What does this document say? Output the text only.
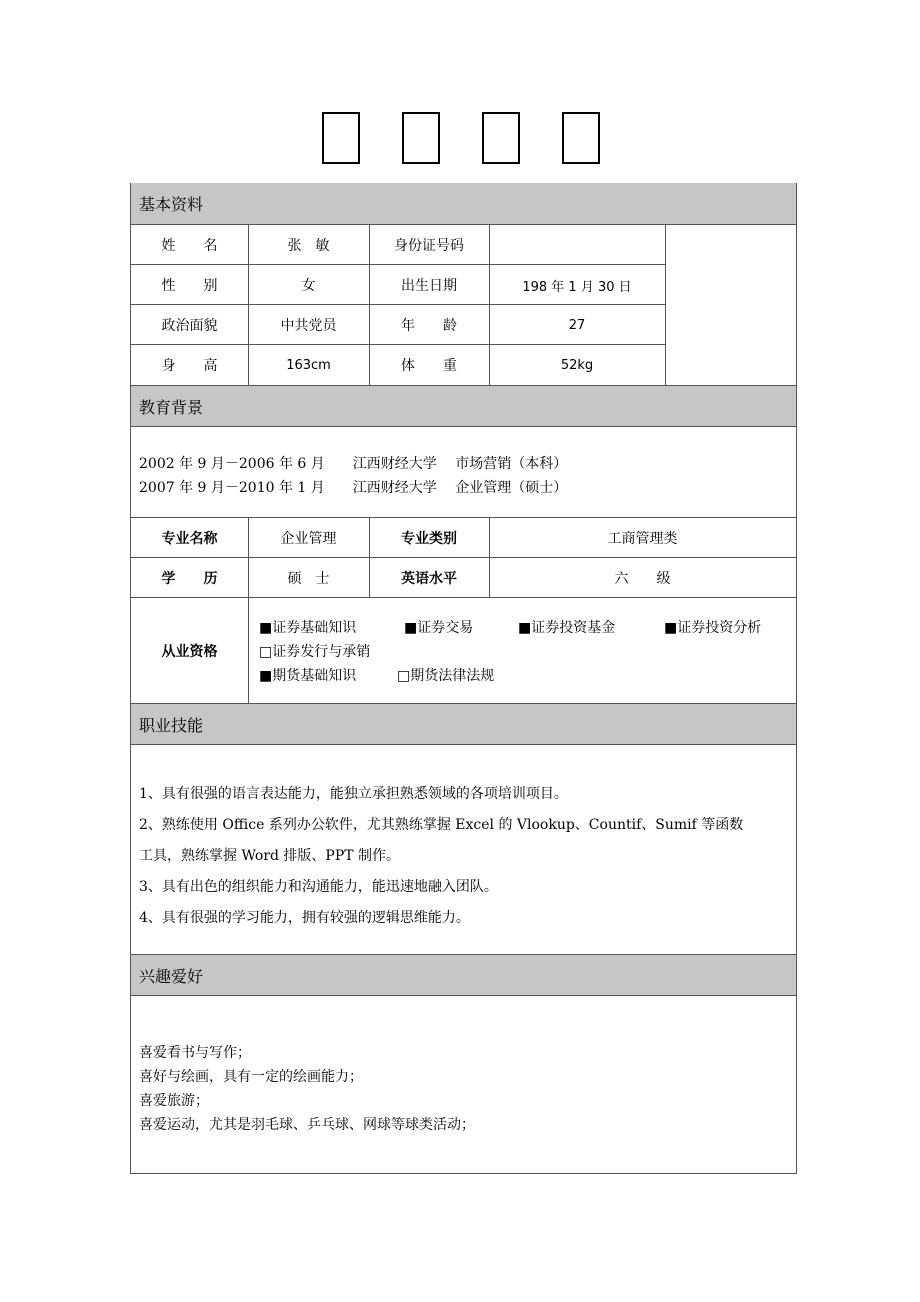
基本资料
姓　　名	张　敏	身份证号码
性　　别	女	出生日期	198 年 1 月 30 日
政治面貌	中共党员	年　　龄	27
身　　高	163cm	体　　重	52kg
教育背景
2002 年 9 月－2006 年 6 月　　江西财经大学　 市场营销（本科）
2007 年 9 月－2010 年 1 月　　江西财经大学　 企业管理（硕士）
专业名称	企业管理	专业类别	工商管理类
学　　历	硕　士	英语水平	六　　级
从业资格
■证券基础知识	■证券交易	■证券投资基金	■证券投资分析
□证券发行与承销
■期货基础知识	□期货法律法规
职业技能
1、具有很强的语言表达能力，能独立承担熟悉领域的各项培训项目。
2、熟练使用 Office 系列办公软件，尤其熟练掌握 Excel 的 Vlookup、Countif、Sumif 等函数
工具，熟练掌握 Word 排版、PPT 制作。
3、具有出色的组织能力和沟通能力，能迅速地融入团队。
4、具有很强的学习能力，拥有较强的逻辑思维能力。
兴趣爱好
喜爱看书与写作；
喜好与绘画，具有一定的绘画能力；
喜爱旅游；
喜爱运动，尤其是羽毛球、乒乓球、网球等球类活动；
